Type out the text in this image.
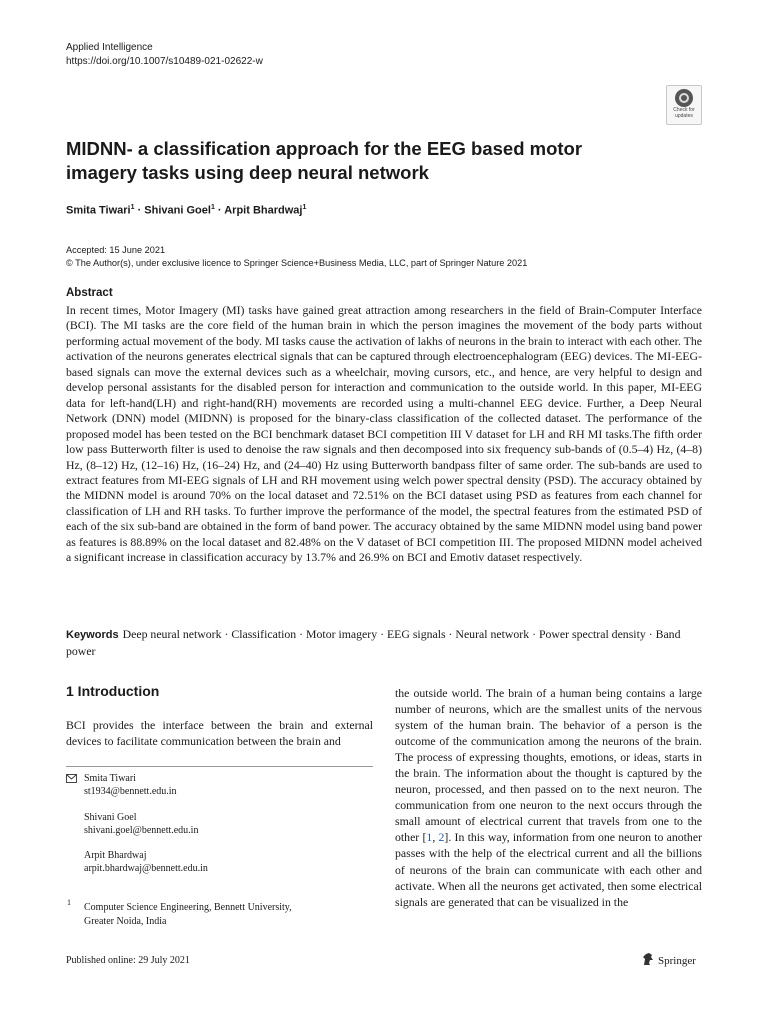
Applied Intelligence
https://doi.org/10.1007/s10489-021-02622-w
Check for
updates
MIDNN- a classification approach for the EEG based motor imagery tasks using deep neural network
Smita Tiwari$^1$ · Shivani Goel$^1$ · Arpit Bhardwaj$^1$
Accepted: 15 June 2021
© The Author(s), under exclusive licence to Springer Science+Business Media, LLC, part of Springer Nature 2021
Abstract
In recent times, Motor Imagery (MI) tasks have gained great attraction among researchers in the field of Brain-Computer Interface (BCI). The MI tasks are the core field of the human brain in which the person imagines the movement of the body parts without performing actual movement of the body. MI tasks cause the activation of lakhs of neurons in the brain to interact with each other. The activation of the neurons generates electrical signals that can be captured through electroencephalogram (EEG) devices. The MI-EEG-based signals can move the external devices such as a wheelchair, moving cursors, etc., and hence, are very helpful to design and develop personal assistants for the disabled person for interaction and communication to the outside world. In this paper, MI-EEG data for left-hand(LH) and right-hand(RH) movements are recorded using a multi-channel EEG device. Further, a Deep Neural Network (DNN) model (MIDNN) is proposed for the binary-class classification of the collected dataset. The performance of the proposed model has been tested on the BCI benchmark dataset BCI competition III V dataset for LH and RH MI tasks.The fifth order low pass Butterworth filter is used to denoise the raw signals and then decomposed into six frequency sub-bands of (0.5–4) Hz, (4–8) Hz, (8–12) Hz, (12–16) Hz, (16–24) Hz, and (24–40) Hz using Butterworth bandpass filter of same order. The sub-bands are used to extract features from MI-EEG signals of LH and RH movement using welch power spectral density (PSD). The accuracy obtained by the MIDNN model is around 70% on the local dataset and 72.51% on the BCI dataset using PSD as features from each channel for classification of LH and RH tasks. To further improve the performance of the model, the spectral features from the estimated PSD of each of the six sub-band are obtained in the form of band power. The accuracy obtained by the same MIDNN model using band power as features is 88.89% on the local dataset and 82.48% on the V dataset of BCI competition III. The proposed MIDNN model acheived a significant increase in classification accuracy by 13.7% and 26.9% on BCI and Emotiv dataset respectively.
Keywords Deep neural network · Classification · Motor imagery · EEG signals · Neural network · Power spectral density · Band power
1 Introduction
BCI provides the interface between the brain and external devices to facilitate communication between the brain and
the outside world. The brain of a human being contains a large number of neurons, which are the smallest units of the nervous system of the human brain. The behavior of a person is the outcome of the communication among the neurons of the brain. The process of expressing thoughts, emotions, or ideas, starts in the brain. The information about the thought is captured by the neuron, processed, and then passed on to the next neuron. The communication from one neuron to the next occurs through the small amount of electrical current that travels from one to the other [1, 2]. In this way, information from one neuron to another passes with the help of the electrical current and all the billions of neurons of the brain can communicate with each other and activate. When all the neurons get activated, then some electrical signals are generated that can be visualized in the
Smita Tiwari
st1934@bennett.edu.in
Shivani Goel
shivani.goel@bennett.edu.in
Arpit Bhardwaj
arpit.bhardwaj@bennett.edu.in
1 Computer Science Engineering, Bennett University,
Greater Noida, India
Published online: 29 July 2021	Springer
